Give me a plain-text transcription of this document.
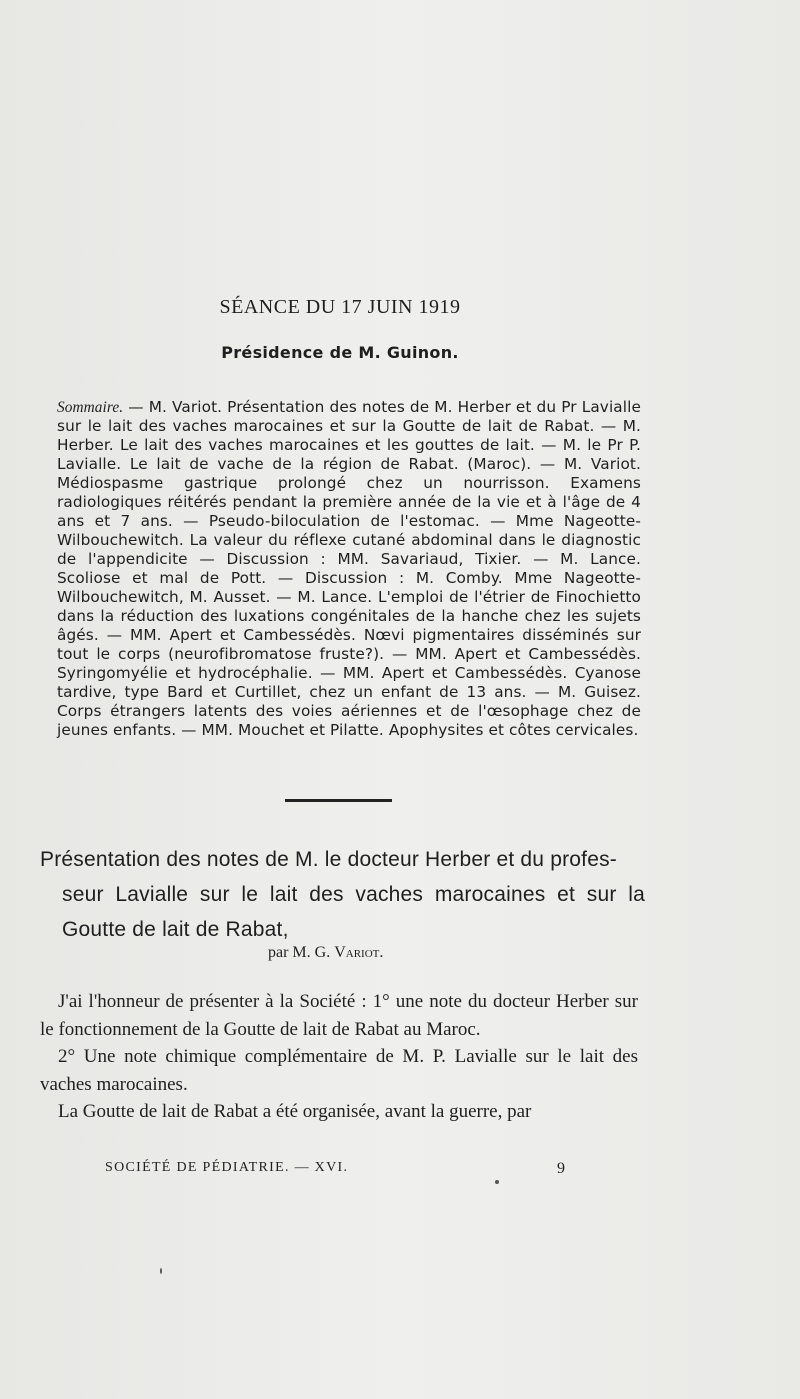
SÉANCE DU 17 JUIN 1919
Présidence de M. Guinon.

Sommaire. — M. Variot. Présentation des notes de M. Herber et du Pr Lavialle sur le lait des vaches marocaines et sur la Goutte de lait de Rabat. — M. Herber. Le lait des vaches marocaines et les gouttes de lait. — M. le Pr P. Lavialle. Le lait de vache de la région de Rabat. (Maroc). — M. Variot. Médiospasme gastrique prolongé chez un nourrisson. Examens radiologiques réitérés pendant la première année de la vie et à l'âge de 4 ans et 7 ans. — Pseudo-biloculation de l'estomac. — Mme Nageotte-Wilbouchewitch. La valeur du réflexe cutané abdominal dans le diagnostic de l'appendicite — Discussion : MM. Savariaud, Tixier. — M. Lance. Scoliose et mal de Pott. — Discussion : M. Comby. Mme Nageotte-Wilbouchewitch, M. Ausset. — M. Lance. L'emploi de l'étrier de Finochietto dans la réduction des luxations congénitales de la hanche chez les sujets âgés. — MM. Apert et Cambessédès. Nœvi pigmentaires disséminés sur tout le corps (neurofibromatose fruste?). — MM. Apert et Cambessédès. Syringomyélie et hydrocéphalie. — MM. Apert et Cambessédès. Cyanose tardive, type Bard et Curtillet, chez un enfant de 13 ans. — M. Guisez. Corps étrangers latents des voies aériennes et de l'œsophage chez de jeunes enfants. — MM. Mouchet et Pilatte. Apophysites et côtes cervicales.

Présentation des notes de M. le docteur Herber et du profes-
seur Lavialle sur le lait des vaches marocaines et sur la
Goutte de lait de Rabat,

par M. G. Variot.

J'ai l'honneur de présenter à la Société : 1° une note du docteur Herber sur le fonctionnement de la Goutte de lait de Rabat au Maroc.

2° Une note chimique complémentaire de M. P. Lavialle sur le lait des vaches marocaines.

La Goutte de lait de Rabat a été organisée, avant la guerre, par

SOCIÉTÉ DE PÉDIATRIE. — XVI.	9
